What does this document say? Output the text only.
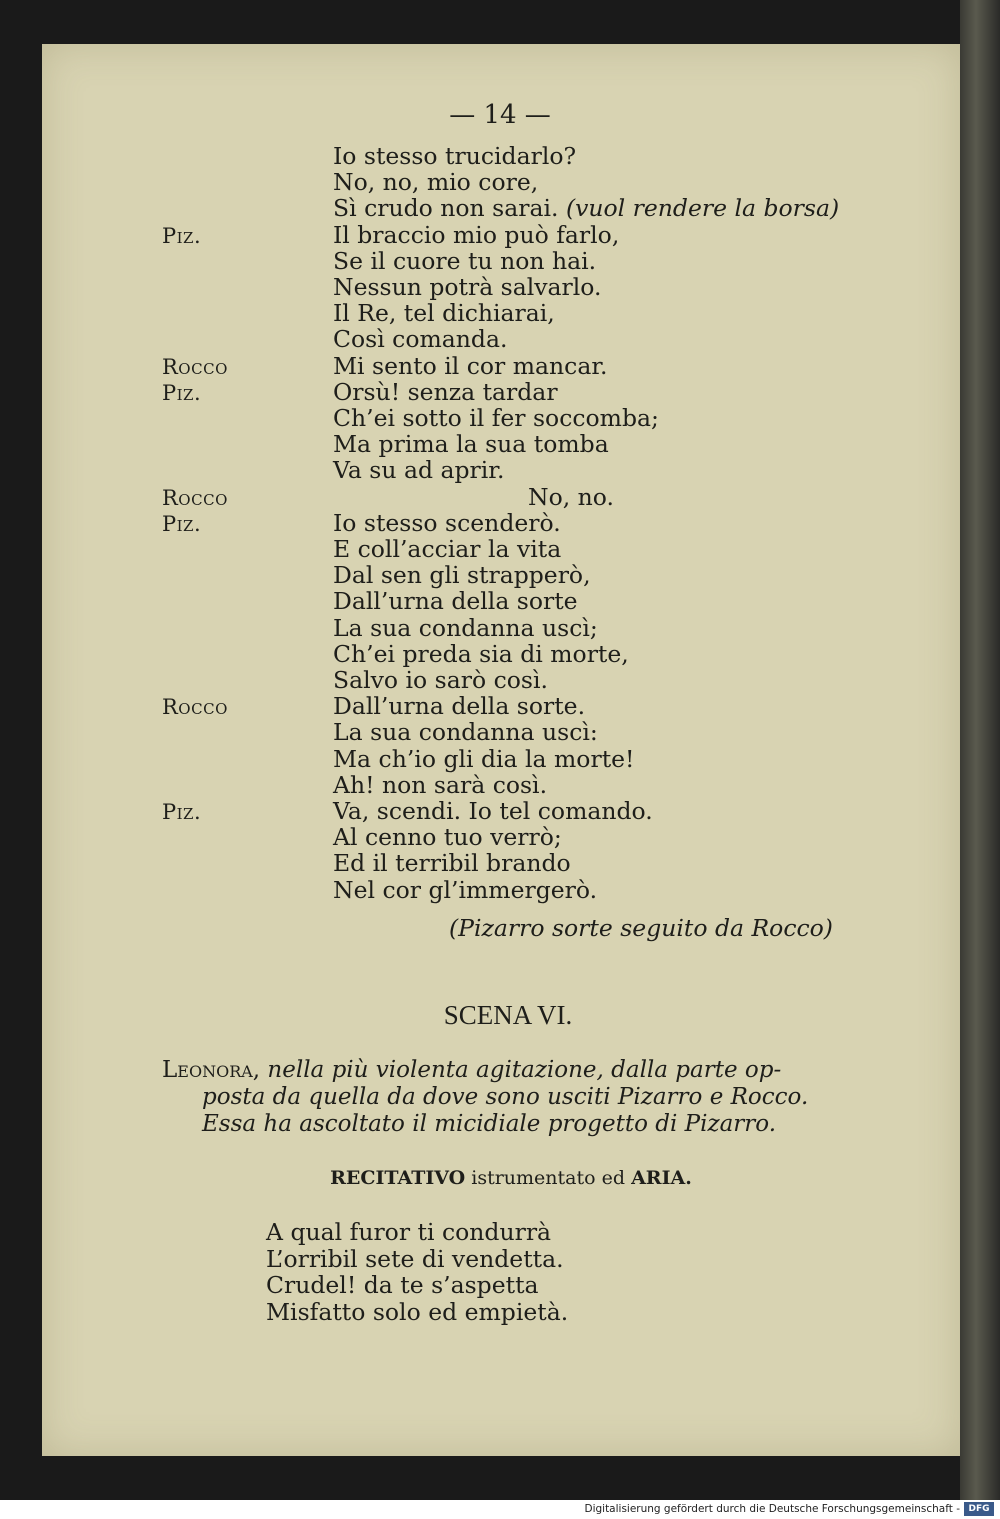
— 14 —
Io stesso trucidarlo?
No, no, mio core,
Sì crudo non sarai. (vuol rendere la borsa)
Il braccio mio può farlo,
Piz.
Se il cuore tu non hai.
Nessun potrà salvarlo.
Il Re, tel dichiarai,
Così comanda.
Mi sento il cor mancar.
Rocco
Orsù! senza tardar
Piz.
Ch’ei sotto il fer soccomba;
Ma prima la sua tomba
Va su ad aprir.
No, no.
Rocco
Io stesso scenderò.
Piz.
E coll’acciar la vita
Dal sen gli strapperò,
Dall’urna della sorte
La sua condanna uscì;
Ch’ei preda sia di morte,
Salvo io sarò così.
Dall’urna della sorte.
Rocco
La sua condanna uscì:
Ma ch’io gli dia la morte!
Ah! non sarà così.
Va, scendi. Io tel comando.
Piz.
Al cenno tuo verrò;
Ed il terribil brando
Nel cor gl’immergerò.
(Pizarro sorte seguito da Rocco)
SCENA VI.
Leonora, nella più violenta agitazione, dalla parte op-
posta da quella da dove sono usciti Pizarro e Rocco.
Essa ha ascoltato il micidiale progetto di Pizarro.
RECITATIVO istrumentato ed ARIA.
A qual furor ti condurrà
L’orribil sete di vendetta.
Crudel! da te s’aspetta
Misfatto solo ed empietà.
Digitalisierung gefördert durch die Deutsche Forschungsgemeinschaft - DFG
